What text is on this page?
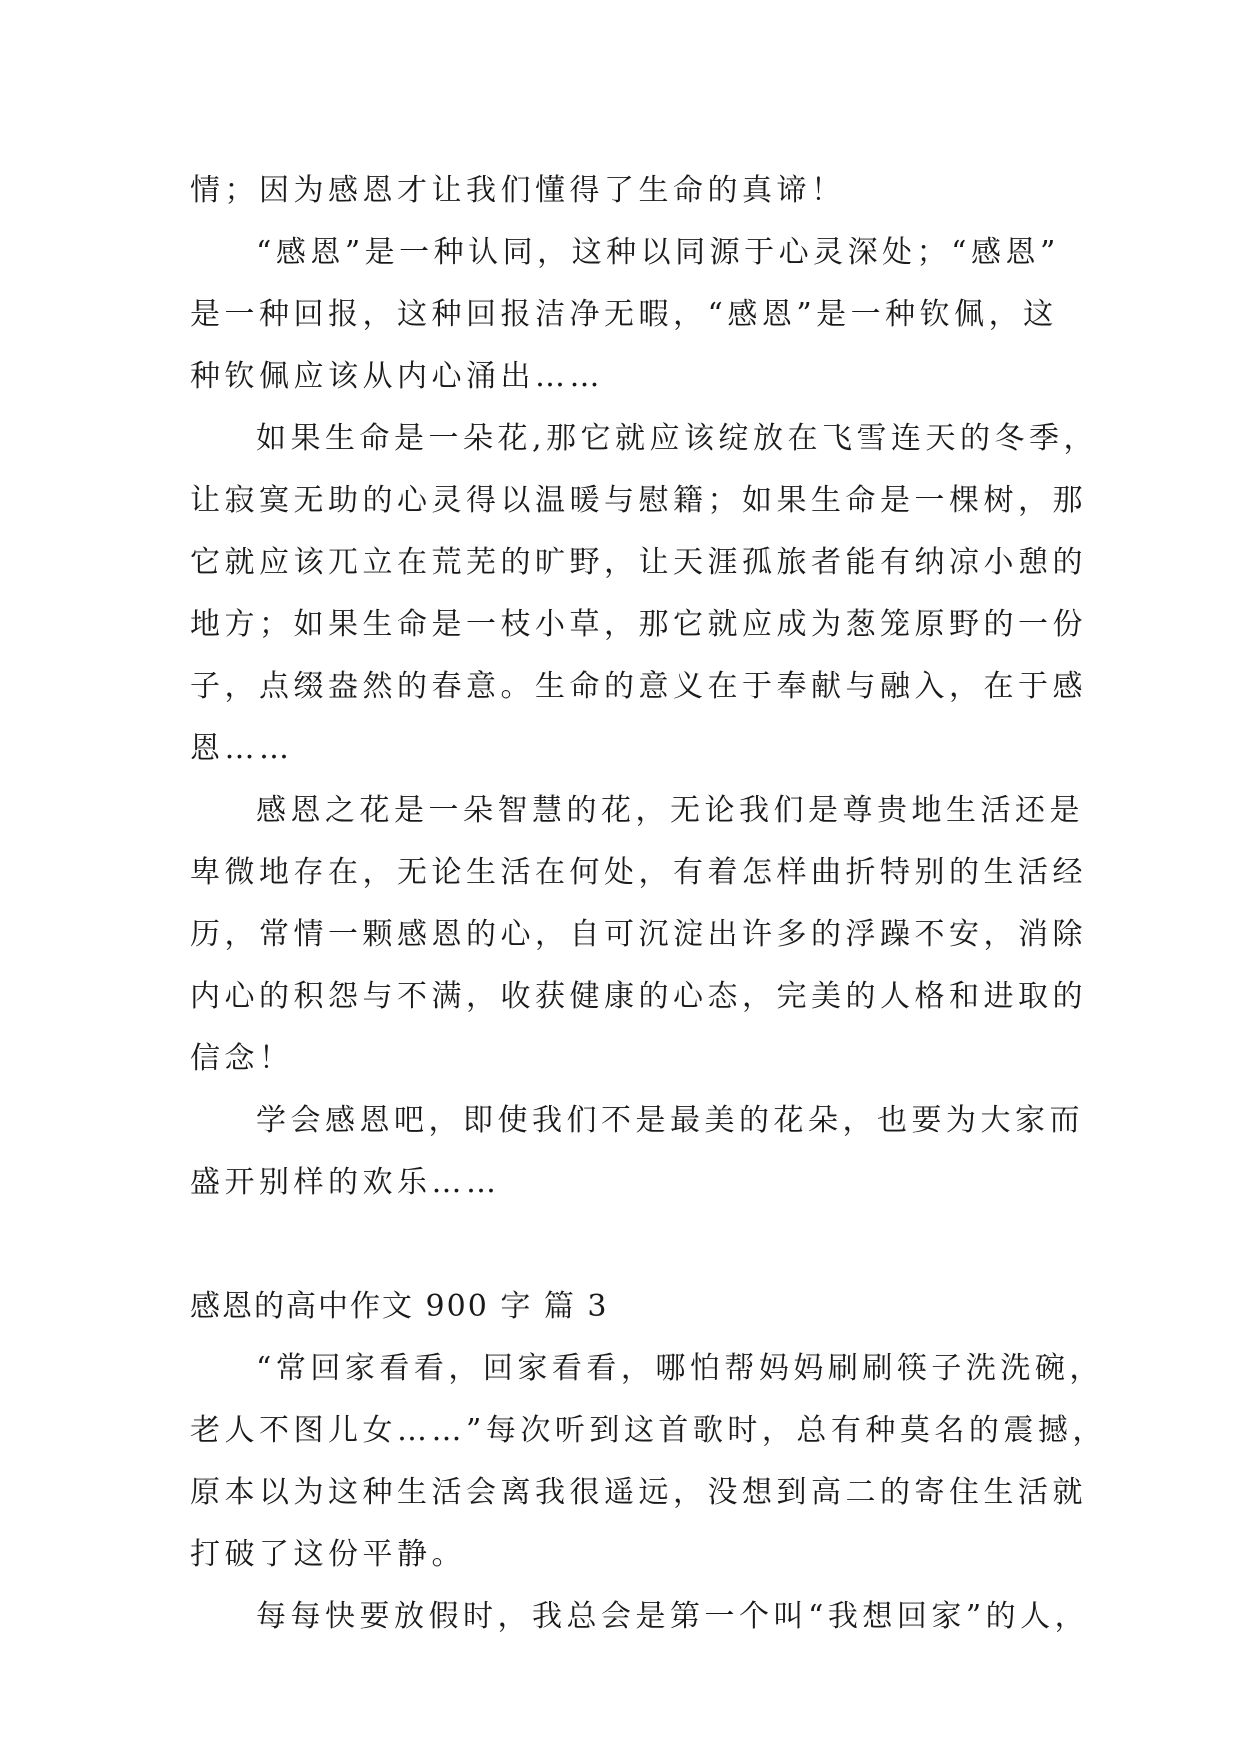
情；因为感恩才让我们懂得了生命的真谛！
“感恩”是一种认同，这种以同源于心灵深处；“感恩”
是一种回报，这种回报洁净无暇，“感恩”是一种钦佩，这
种钦佩应该从内心涌出……
如果生命是一朵花,那它就应该绽放在飞雪连天的冬季，
让寂寞无助的心灵得以温暖与慰籍；如果生命是一棵树，那
它就应该兀立在荒芜的旷野，让天涯孤旅者能有纳凉小憩的
地方；如果生命是一枝小草，那它就应成为葱笼原野的一份
子，点缀盎然的春意。生命的意义在于奉献与融入，在于感
恩……
感恩之花是一朵智慧的花，无论我们是尊贵地生活还是
卑微地存在，无论生活在何处，有着怎样曲折特别的生活经
历，常情一颗感恩的心，自可沉淀出许多的浮躁不安，消除
内心的积怨与不满，收获健康的心态，完美的人格和进取的
信念！
学会感恩吧，即使我们不是最美的花朵，也要为大家而
盛开别样的欢乐……
感恩的高中作文 900 字 篇 3
“常回家看看，回家看看，哪怕帮妈妈刷刷筷子洗洗碗，
老人不图儿女……”每次听到这首歌时，总有种莫名的震撼，
原本以为这种生活会离我很遥远，没想到高二的寄住生活就
打破了这份平静。
每每快要放假时，我总会是第一个叫“我想回家”的人，
